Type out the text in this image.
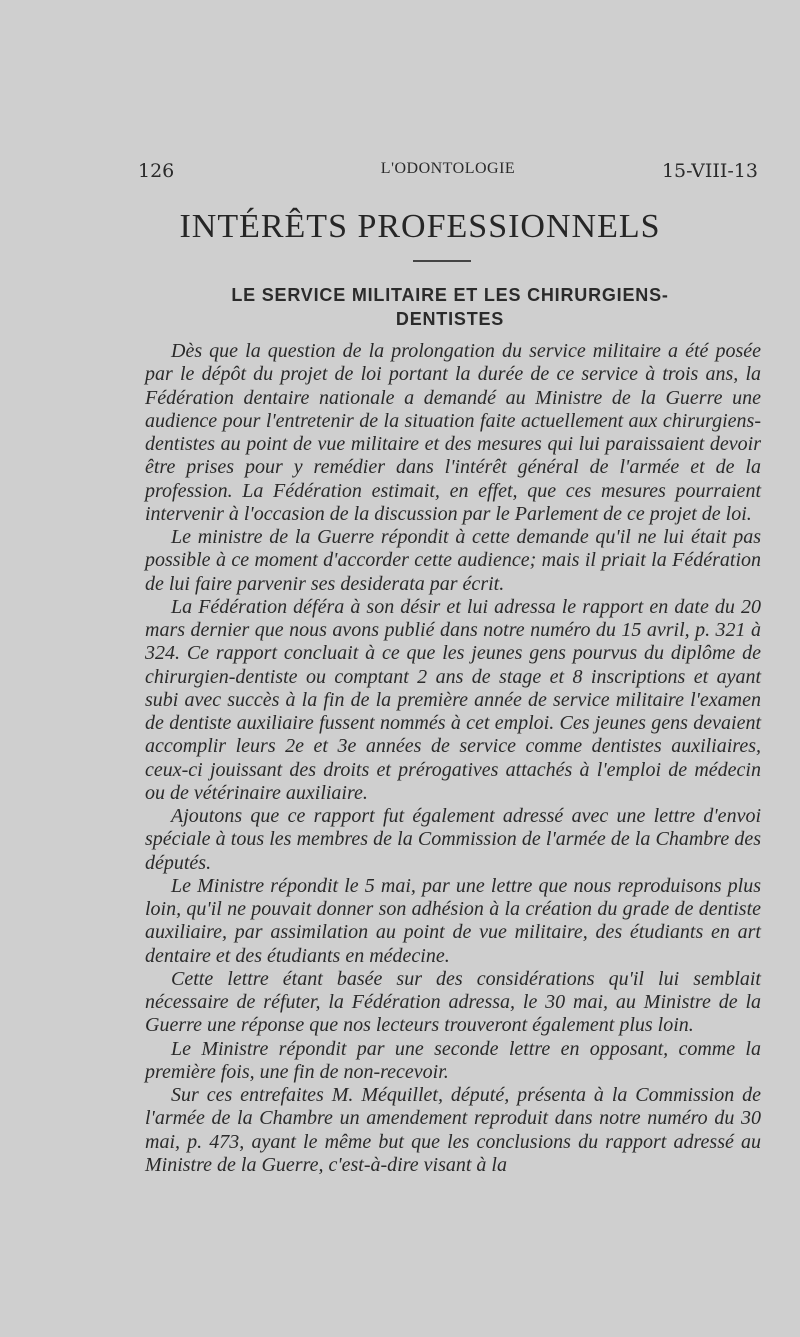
126	L'ODONTOLOGIE	15-VIII-13
INTÉRÊTS PROFESSIONNELS
LE SERVICE MILITAIRE ET LES CHIRURGIENS-
DENTISTES

Dès que la question de la prolongation du service militaire a été posée par le dépôt du projet de loi portant la durée de ce service à trois ans, la Fédération dentaire nationale a demandé au Ministre de la Guerre une audience pour l'entretenir de la situation faite actuellement aux chirurgiens-dentistes au point de vue militaire et des mesures qui lui paraissaient devoir être prises pour y remédier dans l'intérêt général de l'armée et de la profession. La Fédération estimait, en effet, que ces mesures pourraient intervenir à l'occasion de la discussion par le Parlement de ce projet de loi.

Le ministre de la Guerre répondit à cette demande qu'il ne lui était pas possible à ce moment d'accorder cette audience; mais il priait la Fédération de lui faire parvenir ses desiderata par écrit.

La Fédération déféra à son désir et lui adressa le rapport en date du 20 mars dernier que nous avons publié dans notre numéro du 15 avril, p. 321 à 324. Ce rapport concluait à ce que les jeunes gens pourvus du diplôme de chirurgien-dentiste ou comptant 2 ans de stage et 8 inscriptions et ayant subi avec succès à la fin de la première année de service militaire l'examen de dentiste auxiliaire fussent nommés à cet emploi. Ces jeunes gens devaient accomplir leurs 2e et 3e années de service comme dentistes auxiliaires, ceux-ci jouissant des droits et prérogatives attachés à l'emploi de médecin ou de vétérinaire auxiliaire.

Ajoutons que ce rapport fut également adressé avec une lettre d'envoi spéciale à tous les membres de la Commission de l'armée de la Chambre des députés.

Le Ministre répondit le 5 mai, par une lettre que nous reproduisons plus loin, qu'il ne pouvait donner son adhésion à la création du grade de dentiste auxiliaire, par assimilation au point de vue militaire, des étudiants en art dentaire et des étudiants en médecine.

Cette lettre étant basée sur des considérations qu'il lui semblait nécessaire de réfuter, la Fédération adressa, le 30 mai, au Ministre de la Guerre une réponse que nos lecteurs trouveront également plus loin.

Le Ministre répondit par une seconde lettre en opposant, comme la première fois, une fin de non-recevoir.

Sur ces entrefaites M. Méquillet, député, présenta à la Commission de l'armée de la Chambre un amendement reproduit dans notre numéro du 30 mai, p. 473, ayant le même but que les conclusions du rapport adressé au Ministre de la Guerre, c'est-à-dire visant à la
